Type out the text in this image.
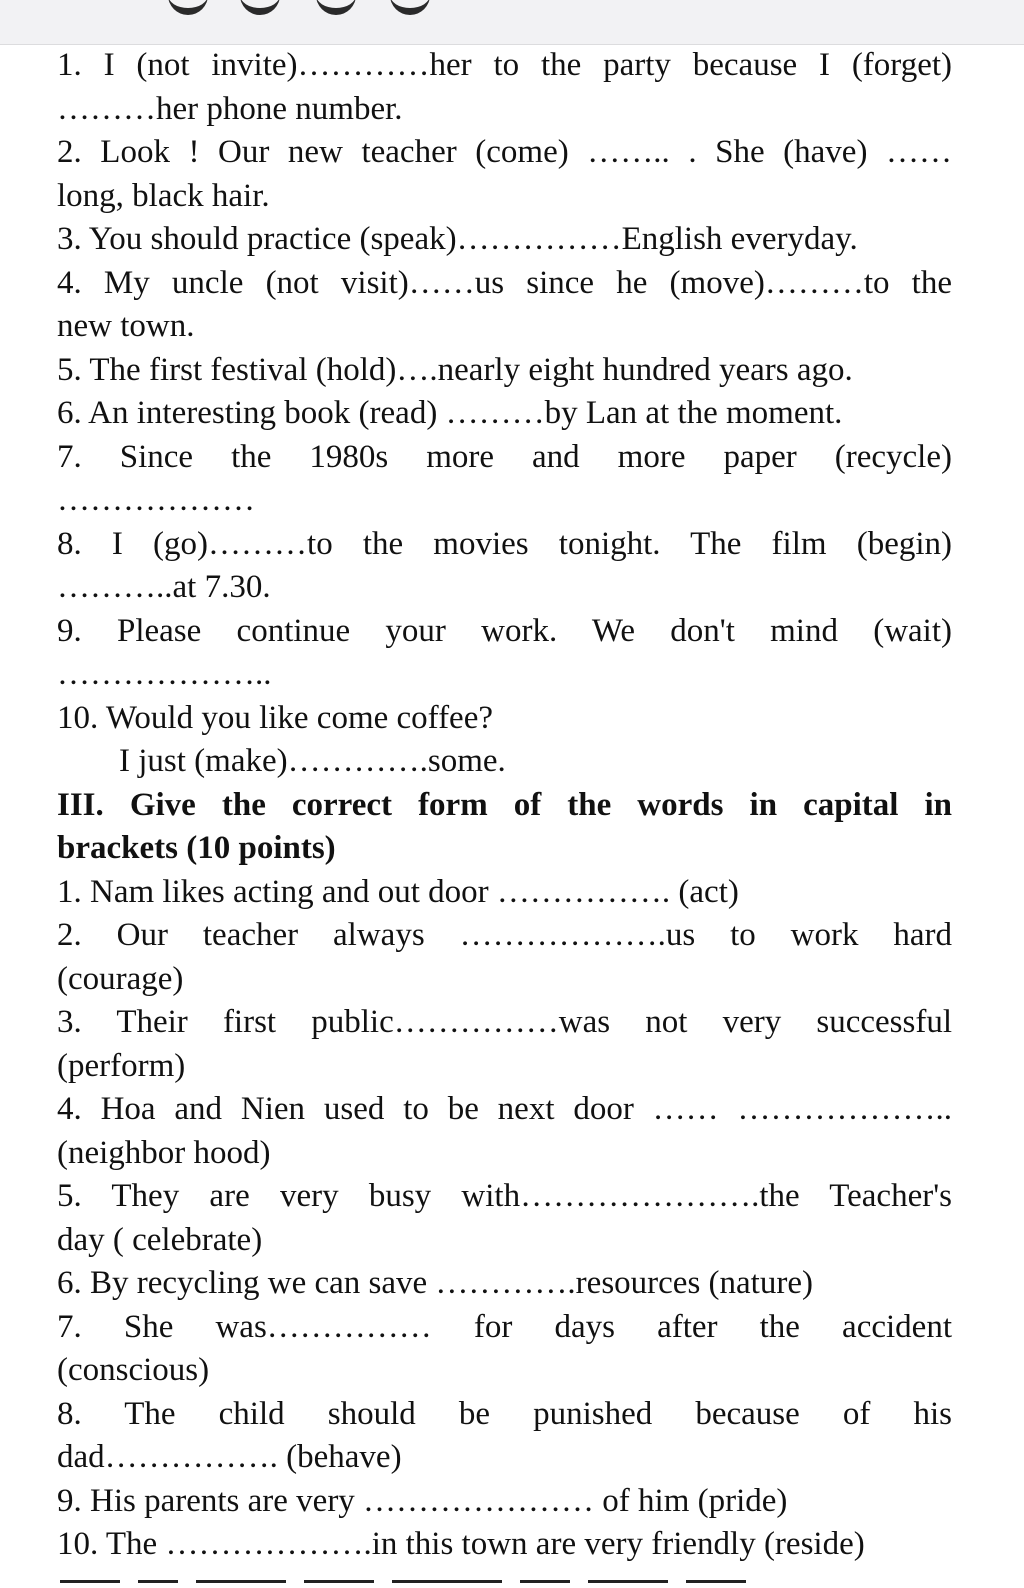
1. I (not invite)…………her to the party because I (forget)
………her phone number.
2. Look ! Our new teacher (come) …….. . She (have) ……
long, black hair.
3. You should practice (speak)……………English everyday.
4. My uncle (not visit)……us since he (move)………to the
new town.
5. The first festival (hold)….nearly eight hundred years ago.
6. An interesting book (read) ………by Lan at the moment.
7. Since the 1980s more and more paper (recycle)
………………
8. I (go)………to the movies tonight. The film (begin)
………..at 7.30.
9. Please continue your work. We don't mind (wait)
………………..
10. Would you like come coffee?
I just (make)………….some.
III. Give the correct form of the words in capital in
brackets (10 points)
1. Nam likes acting and out door ……………. (act)
2. Our teacher always ……………….us to work hard
(courage)
3. Their first public……………was not very successful
(perform)
4. Hoa and Nien used to be next door …… ………………..
(neighbor hood)
5. They are very busy with………………….the Teacher's
day ( celebrate)
6. By recycling we can save ………….resources (nature)
7. She was…………… for days after the accident
(conscious)
8. The child should be punished because of his
dad……………. (behave)
9. His parents are very ………………… of him (pride)
10. The ……………….in this town are very friendly (reside)
